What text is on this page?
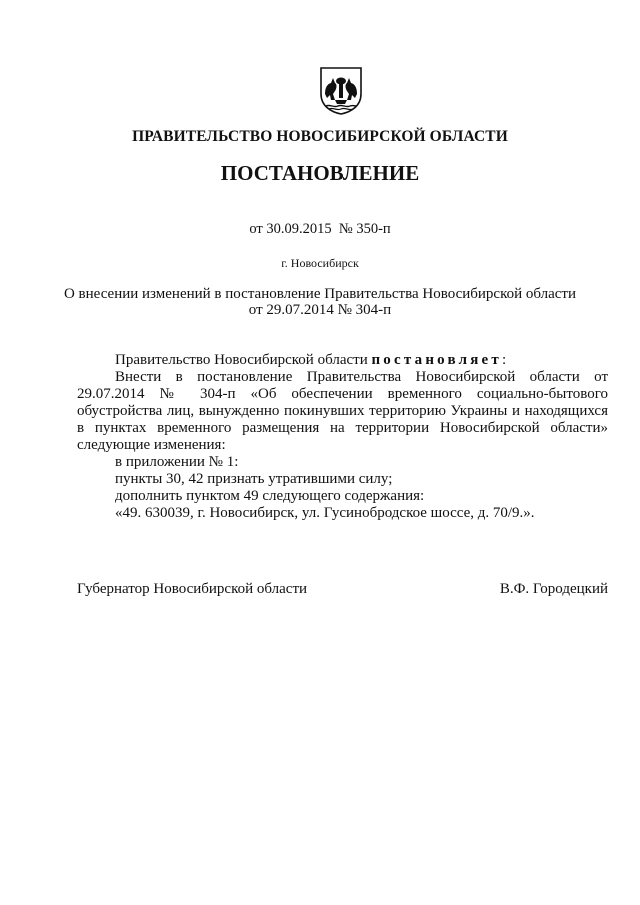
ПРАВИТЕЛЬСТВО НОВОСИБИРСКОЙ ОБЛАСТИ
ПОСТАНОВЛЕНИЕ
от 30.09.2015 № 350-п
г. Новосибирск
О внесении изменений в постановление Правительства Новосибирской области
от 29.07.2014 № 304-п

Правительство Новосибирской области постановляет:

Внести в постановление Правительства Новосибирской области от 29.07.2014 № 304-п «Об обеспечении временного социально-бытового обустройства лиц, вынужденно покинувших территорию Украины и находящихся в пунктах временного размещения на территории Новосибирской области» следующие изменения:

в приложении № 1:

пункты 30, 42 признать утратившими силу;

дополнить пунктом 49 следующего содержания:

«49. 630039, г. Новосибирск, ул. Гусинобродское шоссе, д. 70/9.».

Губернатор Новосибирской области	В.Ф. Городецкий
